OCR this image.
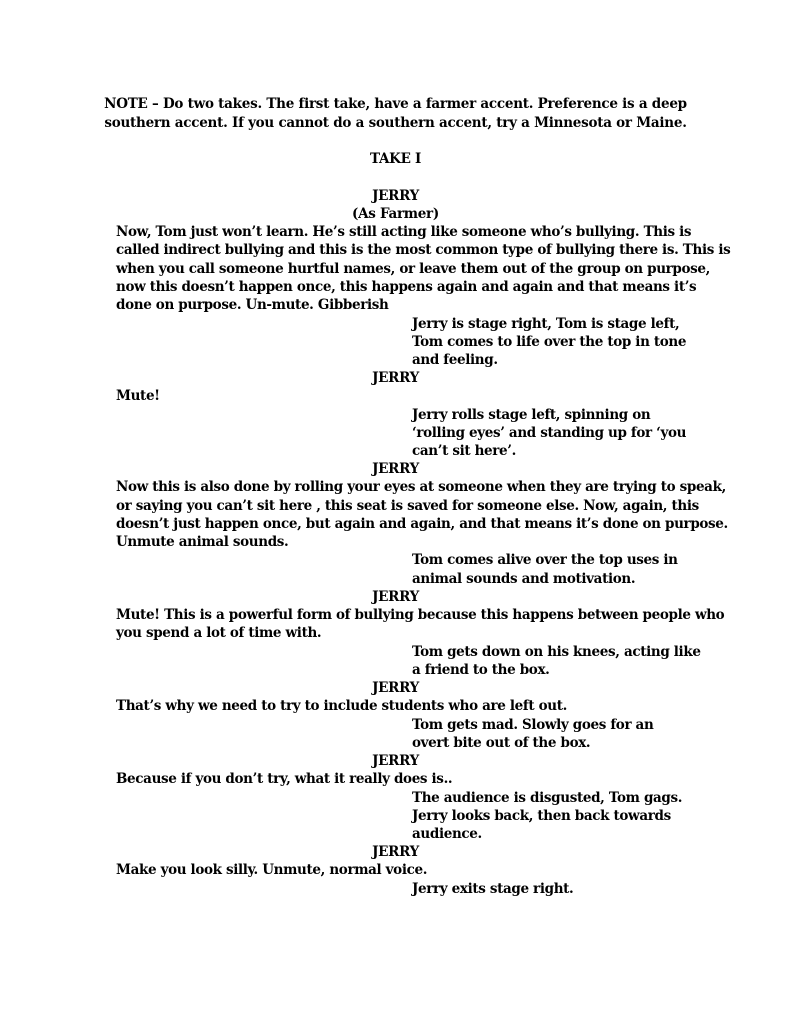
NOTE – Do two takes. The first take, have a farmer accent. Preference is a deep
southern accent. If you cannot do a southern accent, try a Minnesota or Maine.
TAKE I
JERRY
(As Farmer)
Now, Tom just won’t learn. He’s still acting like someone who’s bullying. This is
called indirect bullying and this is the most common type of bullying there is. This is
when you call someone hurtful names, or leave them out of the group on purpose,
now this doesn’t happen once, this happens again and again and that means it’s
done on purpose. Un-mute. Gibberish
Jerry is stage right, Tom is stage left,
Tom comes to life over the top in tone
and feeling.
JERRY
Mute!
Jerry rolls stage left, spinning on
‘rolling eyes’ and standing up for ‘you
can’t sit here’.
JERRY
Now this is also done by rolling your eyes at someone when they are trying to speak,
or saying you can’t sit here , this seat is saved for someone else. Now, again, this
doesn’t just happen once, but again and again, and that means it’s done on purpose.
Unmute animal sounds.
Tom comes alive over the top uses in
animal sounds and motivation.
JERRY
Mute! This is a powerful form of bullying because this happens between people who
you spend a lot of time with.
Tom gets down on his knees, acting like
a friend to the box.
JERRY
That’s why we need to try to include students who are left out.
Tom gets mad. Slowly goes for an
overt bite out of the box.
JERRY
Because if you don’t try, what it really does is..
The audience is disgusted, Tom gags.
Jerry looks back, then back towards
audience.
JERRY
Make you look silly. Unmute, normal voice.
Jerry exits stage right.
